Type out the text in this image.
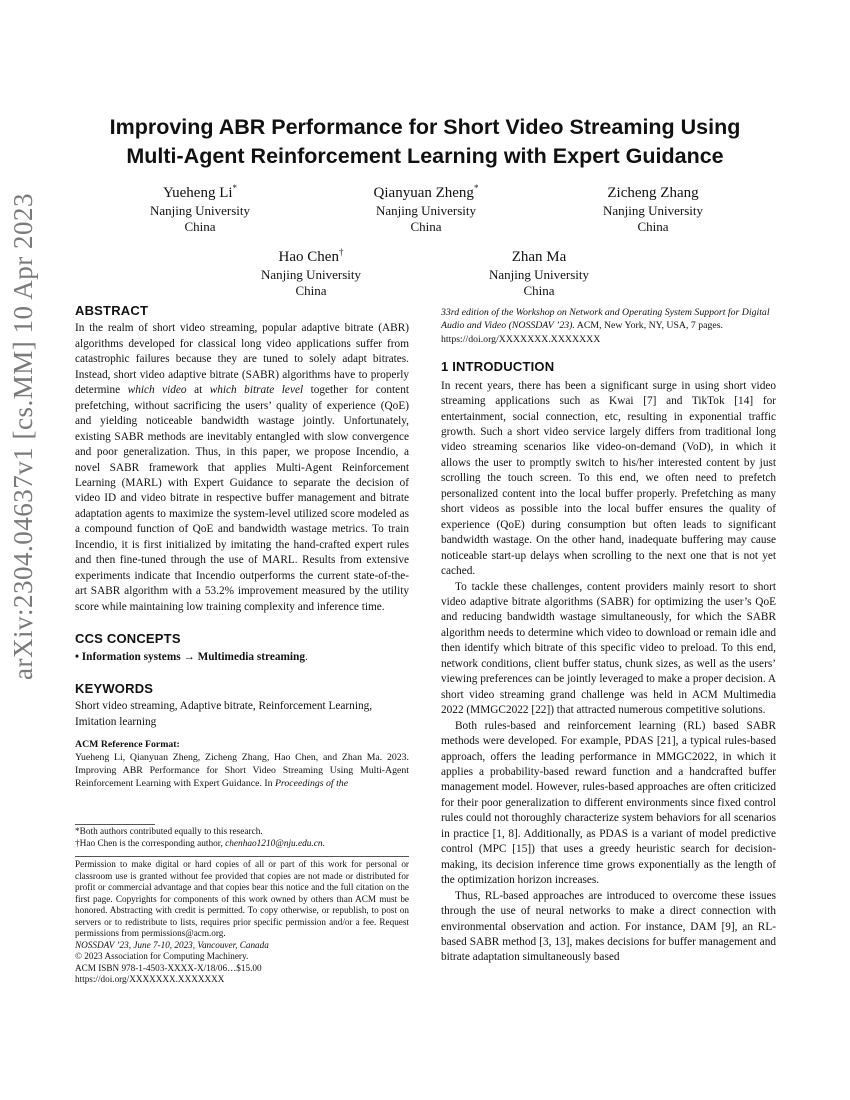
arXiv:2304.04637v1 [cs.MM] 10 Apr 2023
Improving ABR Performance for Short Video Streaming Using
Multi-Agent Reinforcement Learning with Expert Guidance
Yueheng Li*
Nanjing University
China
Qianyuan Zheng*
Nanjing University
China
Zicheng Zhang
Nanjing University
China
Hao Chen†
Nanjing University
China
Zhan Ma
Nanjing University
China
ABSTRACT

In the realm of short video streaming, popular adaptive bitrate (ABR) algorithms developed for classical long video applications suffer from catastrophic failures because they are tuned to solely adapt bitrates. Instead, short video adaptive bitrate (SABR) algorithms have to properly determine which video at which bitrate level together for content prefetching, without sacrificing the users’ quality of experience (QoE) and yielding noticeable bandwidth wastage jointly. Unfortunately, existing SABR methods are inevitably entangled with slow convergence and poor generalization. Thus, in this paper, we propose Incendio, a novel SABR framework that applies Multi-Agent Reinforcement Learning (MARL) with Expert Guidance to separate the decision of video ID and video bitrate in respective buffer management and bitrate adaptation agents to maximize the system-level utilized score modeled as a compound function of QoE and bandwidth wastage metrics. To train Incendio, it is first initialized by imitating the hand-crafted expert rules and then fine-tuned through the use of MARL. Results from extensive experiments indicate that Incendio outperforms the current state-of-the-art SABR algorithm with a 53.2% improvement measured by the utility score while maintaining low training complexity and inference time.

CCS CONCEPTS

• Information systems → Multimedia streaming.

KEYWORDS

Short video streaming, Adaptive bitrate, Reinforcement Learning, Imitation learning

ACM Reference Format:
Yueheng Li, Qianyuan Zheng, Zicheng Zhang, Hao Chen, and Zhan Ma. 2023. Improving ABR Performance for Short Video Streaming Using Multi-Agent Reinforcement Learning with Expert Guidance. In Proceedings of the

*Both authors contributed equally to this research.

†Hao Chen is the corresponding author, chenhao1210@nju.edu.cn.

Permission to make digital or hard copies of all or part of this work for personal or classroom use is granted without fee provided that copies are not made or distributed for profit or commercial advantage and that copies bear this notice and the full citation on the first page. Copyrights for components of this work owned by others than ACM must be honored. Abstracting with credit is permitted. To copy otherwise, or republish, to post on servers or to redistribute to lists, requires prior specific permission and/or a fee. Request permissions from permissions@acm.org.

NOSSDAV ’23, June 7-10, 2023, Vancouver, Canada

© 2023 Association for Computing Machinery.

ACM ISBN 978-1-4503-XXXX-X/18/06…$15.00

https://doi.org/XXXXXXX.XXXXXXX

33rd edition of the Workshop on Network and Operating System Support for Digital Audio and Video (NOSSDAV ’23). ACM, New York, NY, USA, 7 pages. https://doi.org/XXXXXXX.XXXXXXX

1 INTRODUCTION

In recent years, there has been a significant surge in using short video streaming applications such as Kwai [7] and TikTok [14] for entertainment, social connection, etc, resulting in exponential traffic growth. Such a short video service largely differs from traditional long video streaming scenarios like video-on-demand (VoD), in which it allows the user to promptly switch to his/her interested content by just scrolling the touch screen. To this end, we often need to prefetch personalized content into the local buffer properly. Prefetching as many short videos as possible into the local buffer ensures the quality of experience (QoE) during consumption but often leads to significant bandwidth wastage. On the other hand, inadequate buffering may cause noticeable start-up delays when scrolling to the next one that is not yet cached.

To tackle these challenges, content providers mainly resort to short video adaptive bitrate algorithms (SABR) for optimizing the user’s QoE and reducing bandwidth wastage simultaneously, for which the SABR algorithm needs to determine which video to download or remain idle and then identify which bitrate of this specific video to preload. To this end, network conditions, client buffer status, chunk sizes, as well as the users’ viewing preferences can be jointly leveraged to make a proper decision. A short video streaming grand challenge was held in ACM Multimedia 2022 (MMGC2022 [22]) that attracted numerous competitive solutions.

Both rules-based and reinforcement learning (RL) based SABR methods were developed. For example, PDAS [21], a typical rules-based approach, offers the leading performance in MMGC2022, in which it applies a probability-based reward function and a handcrafted buffer management model. However, rules-based approaches are often criticized for their poor generalization to different environments since fixed control rules could not thoroughly characterize system behaviors for all scenarios in practice [1, 8]. Additionally, as PDAS is a variant of model predictive control (MPC [15]) that uses a greedy heuristic search for decision-making, its decision inference time grows exponentially as the length of the optimization horizon increases.

Thus, RL-based approaches are introduced to overcome these issues through the use of neural networks to make a direct connection with environmental observation and action. For instance, DAM [9], an RL-based SABR method [3, 13], makes decisions for buffer management and bitrate adaptation simultaneously based
